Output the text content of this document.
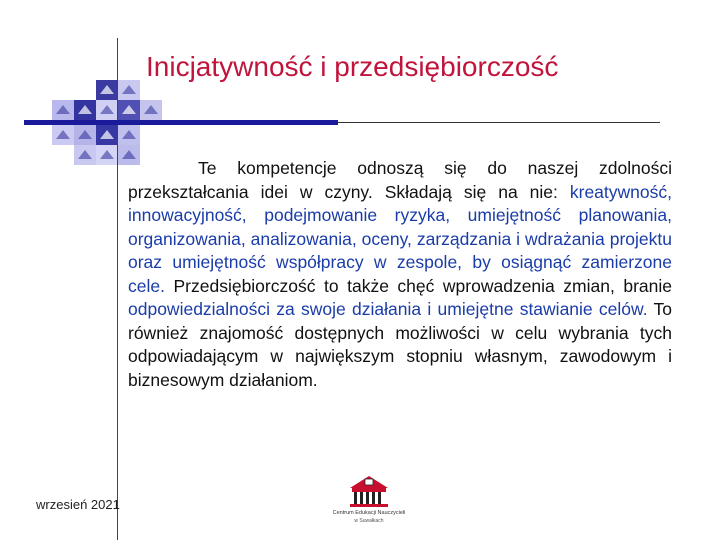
Inicjatywność i przedsiębiorczość
Te kompetencje odnoszą się do naszej zdolności przekształcania idei w czyny. Składają się na nie: kreatywność, innowacyjność, podejmowanie ryzyka, umiejętność planowania, organizowania, analizowania, oceny, zarządzania i wdrażania projektu oraz umiejętność współpracy w zespole, by osiągnąć zamierzone cele. Przedsiębiorczość to także chęć wprowadzenia zmian, branie odpowiedzialności za swoje działania i umiejętne stawianie celów. To również znajomość dostępnych możliwości w celu wybrania tych odpowiadającym w największym stopniu własnym, zawodowym i biznesowym działaniom.
wrzesień 2021
Centrum Edukacji Nauczycieli
w Suwałkach
